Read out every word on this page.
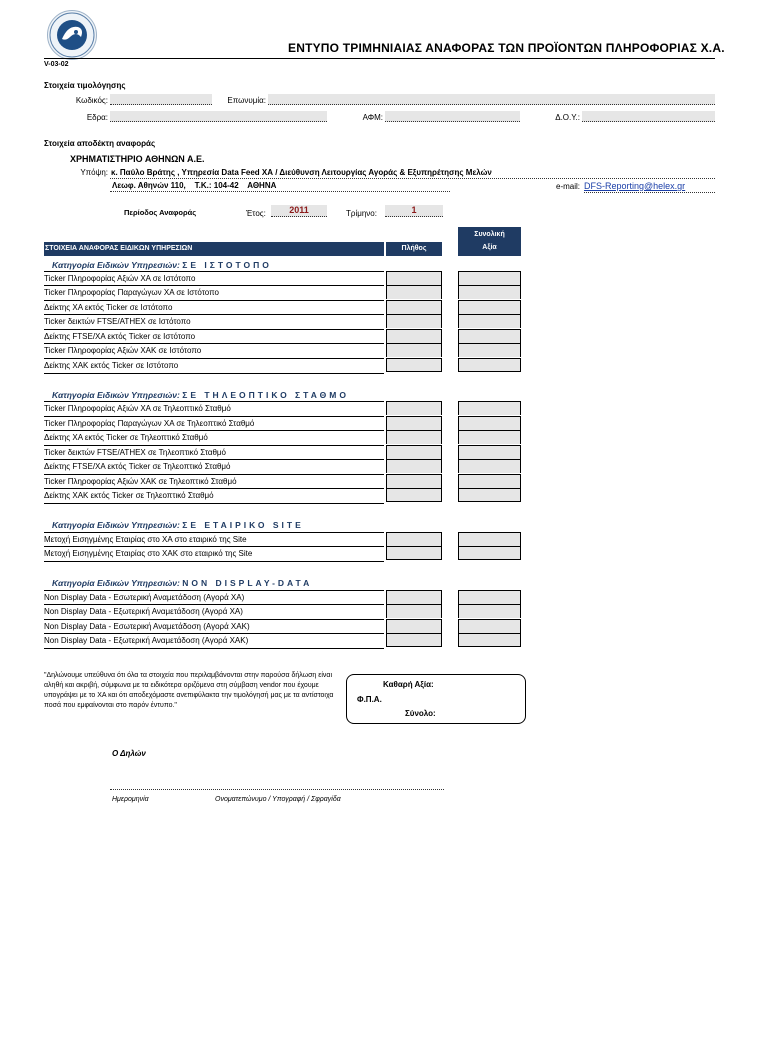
ΕΝΤΥΠΟ ΤΡΙΜΗΝΙΑΙΑΣ ΑΝΑΦΟΡΑΣ ΤΩΝ ΠΡΟΪΟΝΤΩΝ ΠΛΗΡΟΦΟΡΙΑΣ Χ.Α.
V-03-02
Στοιχεία τιμολόγησης
Κωδικός:	Επωνυμία:
Εδρα:	ΑΦΜ:	Δ.Ο.Υ.:
Στοιχεία αποδέκτη αναφοράς
ΧΡΗΜΑΤΙΣΤΗΡΙΟ ΑΘΗΝΩΝ Α.Ε.
Υπόψη: κ. Παύλο Βράτης , Υπηρεσία Data Feed ΧΑ / Διεύθυνση Λειτουργίας Αγοράς & Εξυπηρέτησης Μελών
Λεωφ. Αθηνών 110,    Τ.Κ.: 104-42    ΑΘΗΝΑ	e-mail: DFS-Reporting@helex.gr
Περίοδος Αναφοράς	Έτος:	2011	Τρίμηνο:	1
ΣΤΟΙΧΕΙΑ ΑΝΑΦΟΡΑΣ ΕΙΔΙΚΩΝ ΥΠΗΡΕΣΙΩΝ	Πλήθος
Συνολική
Αξία
Κατηγορία Ειδικών Υπηρεσιών: ΣΕ ΙΣΤΟΤΟΠΟ
Ticker Πληροφορίας Αξιών ΧΑ σε Ιστότοπο
Ticker Πληροφορίας Παραγώγων ΧΑ σε Ιστότοπο
Δείκτης ΧΑ εκτός Ticker σε Ιστότοπο
Ticker δεικτών FTSE/ATHEX σε Ιστότοπο
Δείκτης FTSE/ΧΑ εκτός Ticker σε Ιστότοπο
Ticker Πληροφορίας Αξιών ΧΑΚ σε Ιστότοπο
Δείκτης ΧΑΚ εκτός Ticker σε Ιστότοπο
Κατηγορία Ειδικών Υπηρεσιών: ΣΕ ΤΗΛΕΟΠΤΙΚΟ ΣΤΑΘΜΟ
Ticker Πληροφορίας Αξιών ΧΑ σε Τηλεοπτικό Σταθμό
Ticker Πληροφορίας Παραγώγων ΧΑ σε Τηλεοπτικό Σταθμό
Δείκτης ΧΑ εκτός Ticker σε Τηλεοπτικό Σταθμό
Ticker δεικτών FTSE/ATHEX σε Τηλεοπτικό Σταθμό
Δείκτης FTSE/ΧΑ εκτός Ticker σε Τηλεοπτικό Σταθμό
Ticker Πληροφορίας Αξιών ΧΑΚ σε Τηλεοπτικό Σταθμό
Δείκτης ΧΑΚ εκτός Ticker σε Τηλεοπτικό Σταθμό
Κατηγορία Ειδικών Υπηρεσιών: ΣΕ ΕΤΑΙΡΙΚΟ SITE
Μετοχή Εισηγμένης Εταιρίας στο ΧΑ στο εταιρικό της Site
Μετοχή Εισηγμένης Εταιρίας στο ΧΑΚ στο εταιρικό της Site
Κατηγορία Ειδικών Υπηρεσιών: NON DISPLAY-DATA
Non Display Data - Εσωτερική Αναμετάδοση (Αγορά ΧΑ)
Non Display Data - Εξωτερική Αναμετάδοση (Αγορά ΧΑ)
Non Display Data - Εσωτερική Αναμετάδοση (Αγορά ΧΑΚ)
Non Display Data - Εξωτερική Αναμετάδοση (Αγορά ΧΑΚ)
"Δηλώνουμε υπεύθυνα ότι όλα τα στοιχεία που περιλαμβάνονται στην παρούσα δήλωση είναι αληθή και ακριβή, σύμφωνα με τα ειδικότερα οριζόμενα στη σύμβαση vendor που έχουμε υπογράψει με το ΧΑ και ότι αποδεχόμαστε ανεπιφύλακτα την τιμολόγησή μας με τα αντίστοιχα ποσά που εμφαίνονται στο παρόν έντυπο."
Καθαρή Αξία:
Φ.Π.Α.
Σύνολο:
Ο Δηλών
Ημερομηνία	Ονοματεπώνυμο / Υπογραφή / Σφραγίδα
